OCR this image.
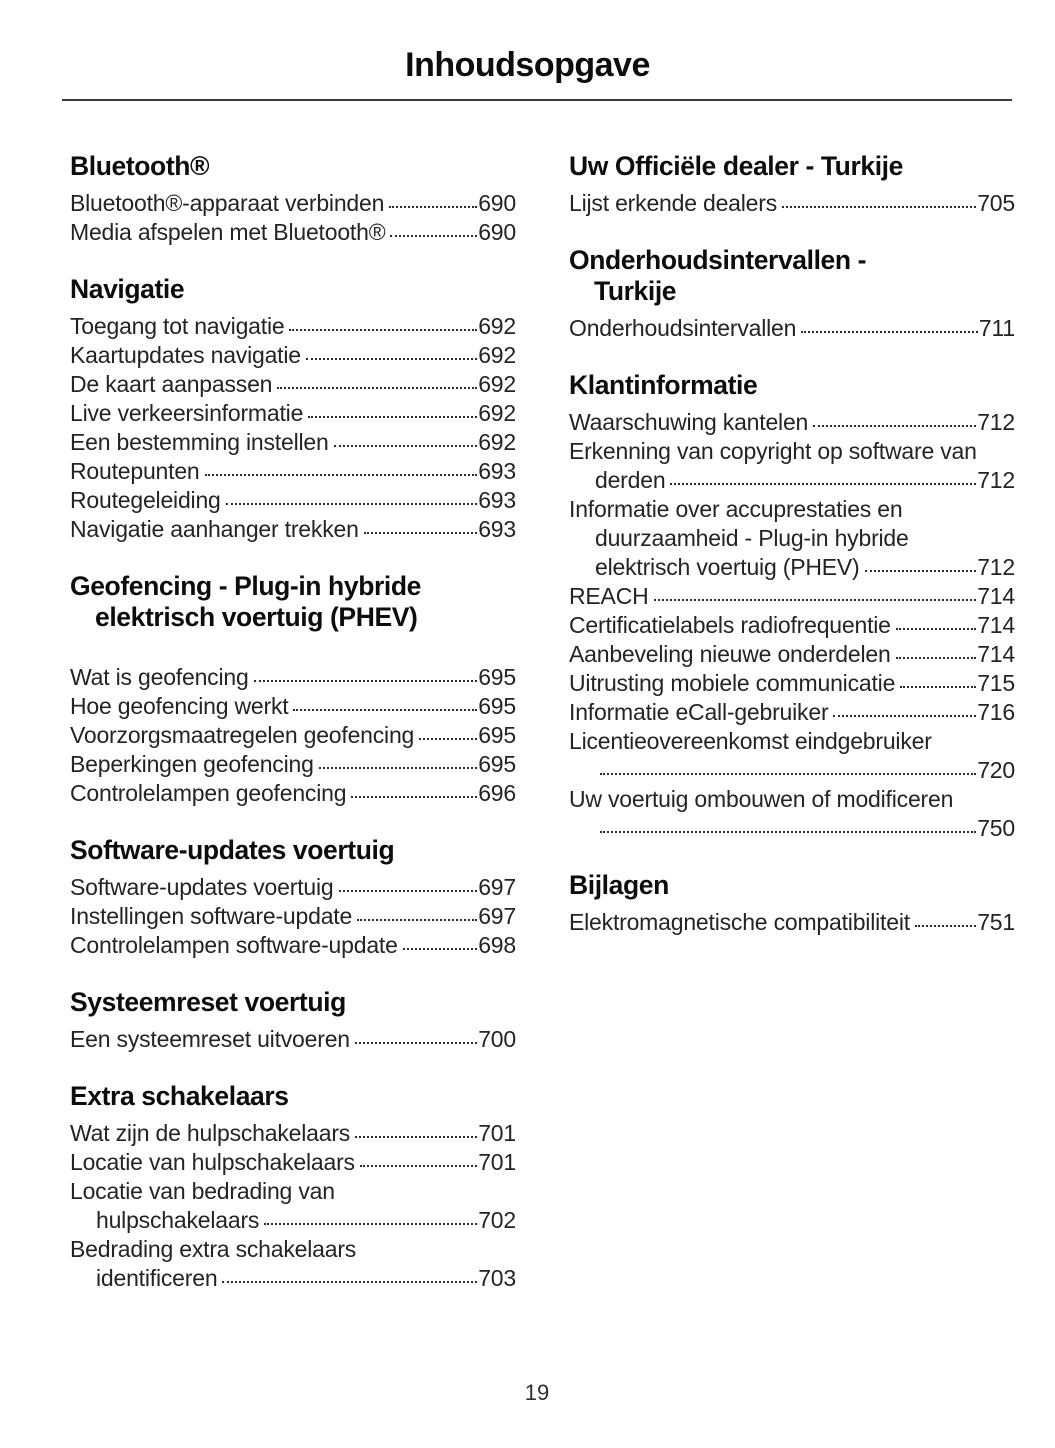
Inhoudsopgave
Bluetooth®
Bluetooth®-apparaat verbinden	690
Media afspelen met Bluetooth®	690
Navigatie
Toegang tot navigatie	692
Kaartupdates navigatie	692
De kaart aanpassen	692
Live verkeersinformatie	692
Een bestemming instellen	692
Routepunten	693
Routegeleiding	693
Navigatie aanhanger trekken	693
Geofencing - Plug-in hybride
elektrisch voertuig (PHEV)
Wat is geofencing	695
Hoe geofencing werkt	695
Voorzorgsmaatregelen geofencing	695
Beperkingen geofencing	695
Controlelampen geofencing	696
Software-updates voertuig
Software-updates voertuig	697
Instellingen software-update	697
Controlelampen software-update	698
Systeemreset voertuig
Een systeemreset uitvoeren	700
Extra schakelaars
Wat zijn de hulpschakelaars	701
Locatie van hulpschakelaars	701
Locatie van bedrading van
hulpschakelaars	702
Bedrading extra schakelaars
identificeren	703
Uw Officiële dealer - Turkije
Lijst erkende dealers	705
Onderhoudsintervallen -
Turkije
Onderhoudsintervallen	711
Klantinformatie
Waarschuwing kantelen	712
Erkenning van copyright op software van
derden	712
Informatie over accuprestaties en
duurzaamheid - Plug-in hybride
elektrisch voertuig (PHEV)	712
REACH	714
Certificatielabels radiofrequentie	714
Aanbeveling nieuwe onderdelen	714
Uitrusting mobiele communicatie	715
Informatie eCall-gebruiker	716
Licentieovereenkomst eindgebruiker
720
Uw voertuig ombouwen of modificeren
750
Bijlagen
Elektromagnetische compatibiliteit	751
19
